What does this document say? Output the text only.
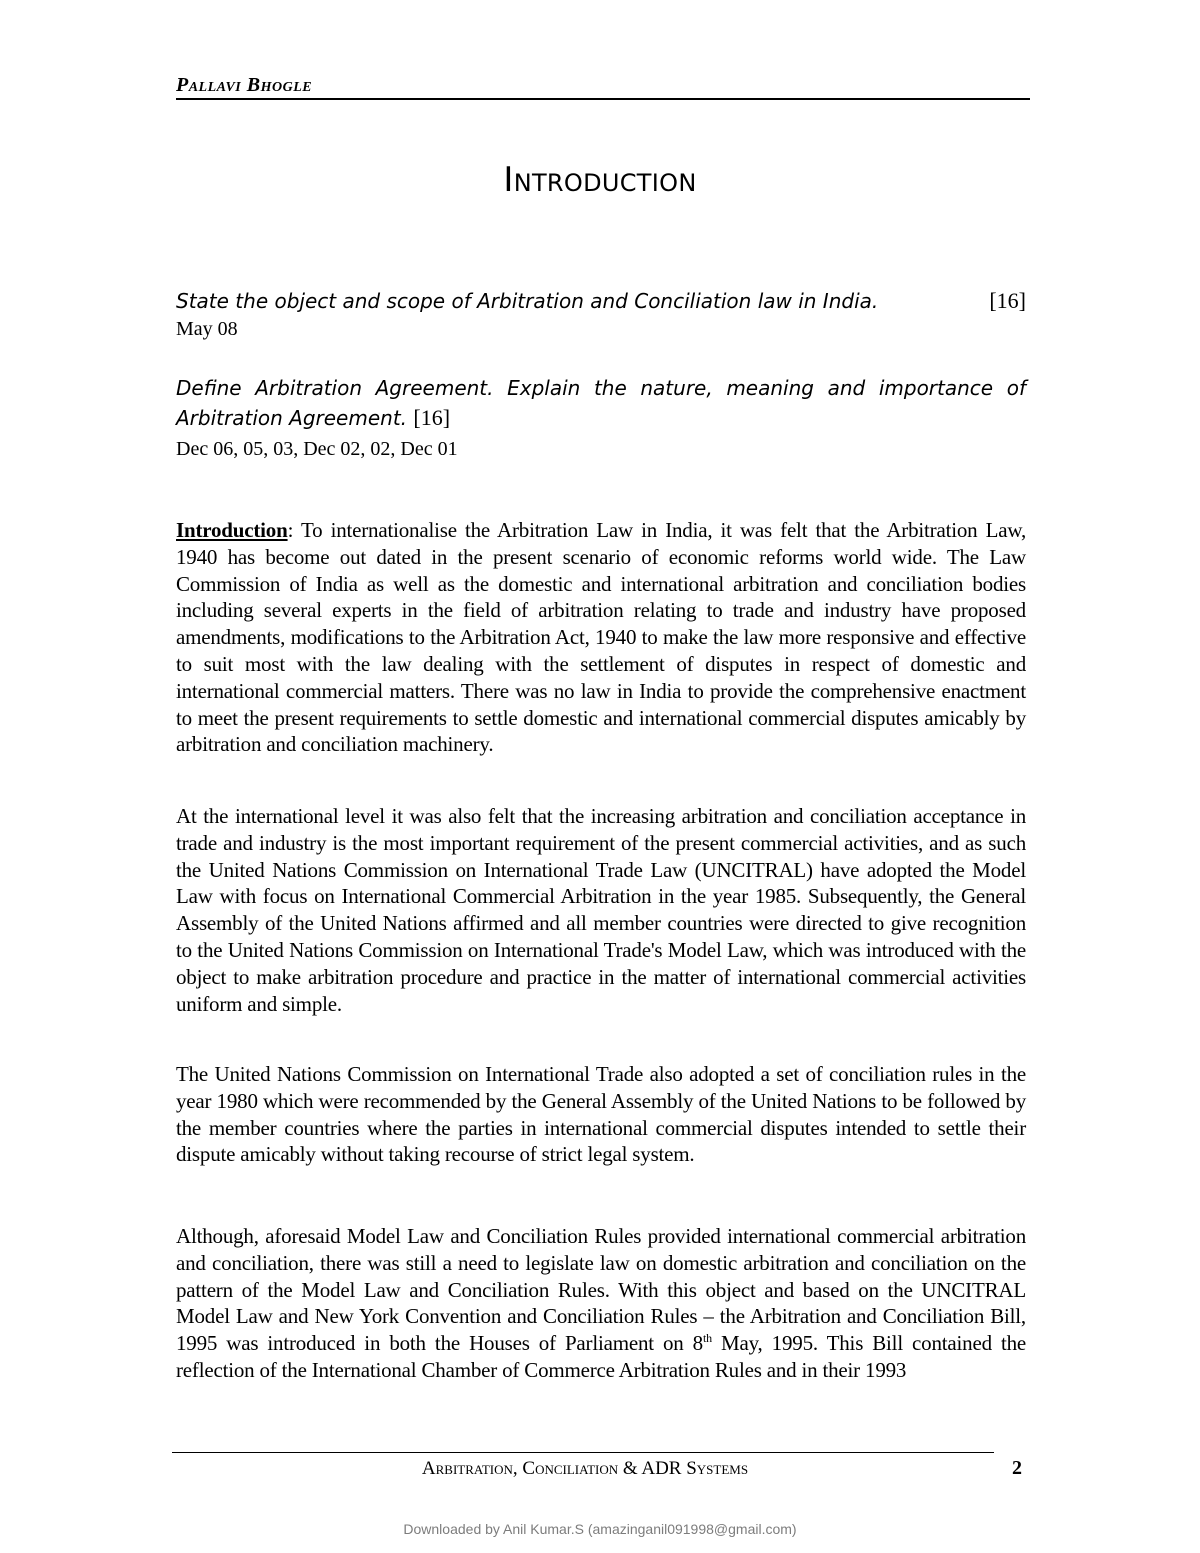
Pallavi Bhogle
Introduction
State the object and scope of Arbitration and Conciliation law in India.	[16]
May 08
Define Arbitration Agreement. Explain the nature, meaning and importance of Arbitration Agreement. [16]
Dec 06, 05, 03, Dec 02, 02, Dec 01
Introduction: To internationalise the Arbitration Law in India, it was felt that the Arbitration Law, 1940 has become out dated in the present scenario of economic reforms world wide. The Law Commission of India as well as the domestic and international arbitration and conciliation bodies including several experts in the field of arbitration relating to trade and industry have proposed amendments, modifications to the Arbitration Act, 1940 to make the law more responsive and effective to suit most with the law dealing with the settlement of disputes in respect of domestic and international commercial matters. There was no law in India to provide the comprehensive enactment to meet the present requirements to settle domestic and international commercial disputes amicably by arbitration and conciliation machinery.
At the international level it was also felt that the increasing arbitration and conciliation acceptance in trade and industry is the most important requirement of the present commercial activities, and as such the United Nations Commission on International Trade Law (UNCITRAL) have adopted the Model Law with focus on International Commercial Arbitration in the year 1985. Subsequently, the General Assembly of the United Nations affirmed and all member countries were directed to give recognition to the United Nations Commission on International Trade's Model Law, which was introduced with the object to make arbitration procedure and practice in the matter of international commercial activities uniform and simple.
The United Nations Commission on International Trade also adopted a set of conciliation rules in the year 1980 which were recommended by the General Assembly of the United Nations to be followed by the member countries where the parties in international commercial disputes intended to settle their dispute amicably without taking recourse of strict legal system.
Although, aforesaid Model Law and Conciliation Rules provided international commercial arbitration and conciliation, there was still a need to legislate law on domestic arbitration and conciliation on the pattern of the Model Law and Conciliation Rules. With this object and based on the UNCITRAL Model Law and New York Convention and Conciliation Rules – the Arbitration and Conciliation Bill, 1995 was introduced in both the Houses of Parliament on 8th May, 1995. This Bill contained the reflection of the International Chamber of Commerce Arbitration Rules and in their 1993
Arbitration, Conciliation & ADR Systems	2
Downloaded by Anil Kumar.S (amazinganil091998@gmail.com)
